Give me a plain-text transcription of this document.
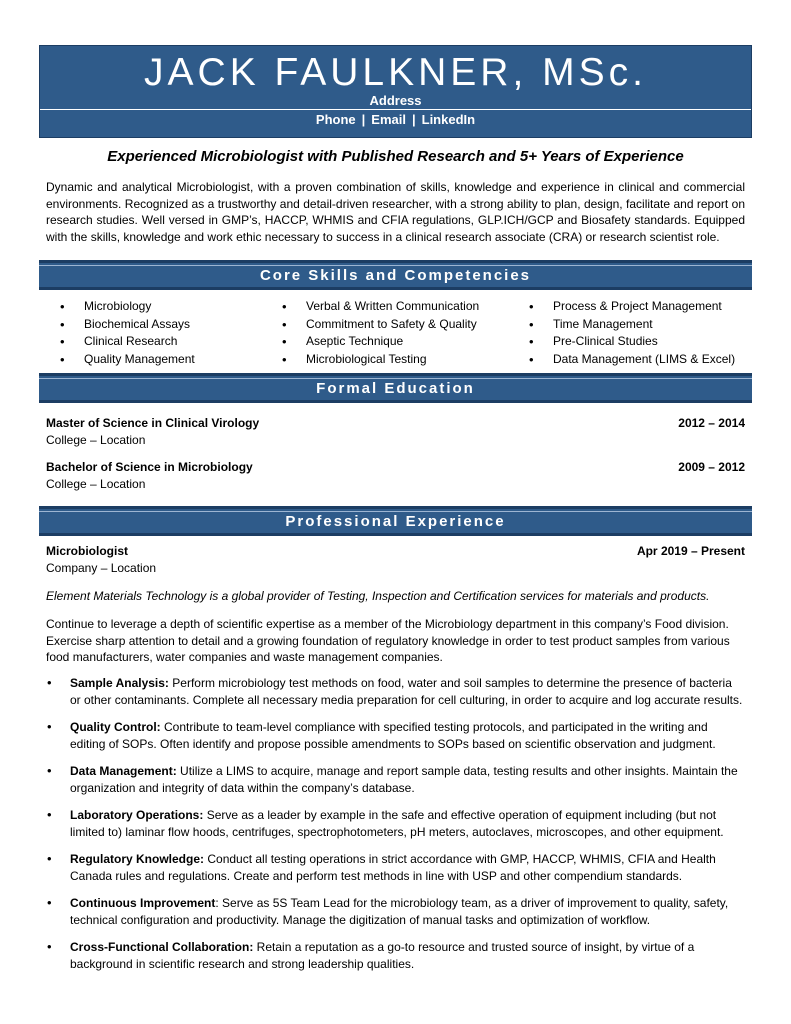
JACK FAULKNER, MSc.
Address
Phone | Email | LinkedIn
Experienced Microbiologist with Published Research and 5+ Years of Experience
Dynamic and analytical Microbiologist, with a proven combination of skills, knowledge and experience in clinical and commercial environments. Recognized as a trustworthy and detail-driven researcher, with a strong ability to plan, design, facilitate and report on research studies. Well versed in GMP’s, HACCP, WHMIS and CFIA regulations, GLP.ICH/GCP and Biosafety standards. Equipped with the skills, knowledge and work ethic necessary to success in a clinical research associate (CRA) or research scientist role.
Core Skills and Competencies
• Microbiology
• Biochemical Assays
• Clinical Research
• Quality Management
• Verbal & Written Communication
• Commitment to Safety & Quality
• Aseptic Technique
• Microbiological Testing
• Process & Project Management
• Time Management
• Pre-Clinical Studies
• Data Management (LIMS & Excel)
Formal Education
Master of Science in Clinical Virology	2012 – 2014
College – Location
Bachelor of Science in Microbiology	2009 – 2012
College – Location
Professional Experience
Microbiologist	Apr 2019 – Present
Company – Location
Element Materials Technology is a global provider of Testing, Inspection and Certification services for materials and products.
Continue to leverage a depth of scientific expertise as a member of the Microbiology department in this company’s Food division. Exercise sharp attention to detail and a growing foundation of regulatory knowledge in order to test product samples from various food manufacturers, water companies and waste management companies.
• Sample Analysis: Perform microbiology test methods on food, water and soil samples to determine the presence of bacteria or other contaminants. Complete all necessary media preparation for cell culturing, in order to acquire and log accurate results.
• Quality Control: Contribute to team-level compliance with specified testing protocols, and participated in the writing and editing of SOPs. Often identify and propose possible amendments to SOPs based on scientific observation and judgment.
• Data Management: Utilize a LIMS to acquire, manage and report sample data, testing results and other insights. Maintain the organization and integrity of data within the company’s database.
• Laboratory Operations: Serve as a leader by example in the safe and effective operation of equipment including (but not limited to) laminar flow hoods, centrifuges, spectrophotometers, pH meters, autoclaves, microscopes, and other equipment.
• Regulatory Knowledge: Conduct all testing operations in strict accordance with GMP, HACCP, WHMIS, CFIA and Health Canada rules and regulations. Create and perform test methods in line with USP and other compendium standards.
• Continuous Improvement: Serve as 5S Team Lead for the microbiology team, as a driver of improvement to quality, safety, technical configuration and productivity. Manage the digitization of manual tasks and optimization of workflow.
• Cross-Functional Collaboration: Retain a reputation as a go-to resource and trusted source of insight, by virtue of a background in scientific research and strong leadership qualities.
